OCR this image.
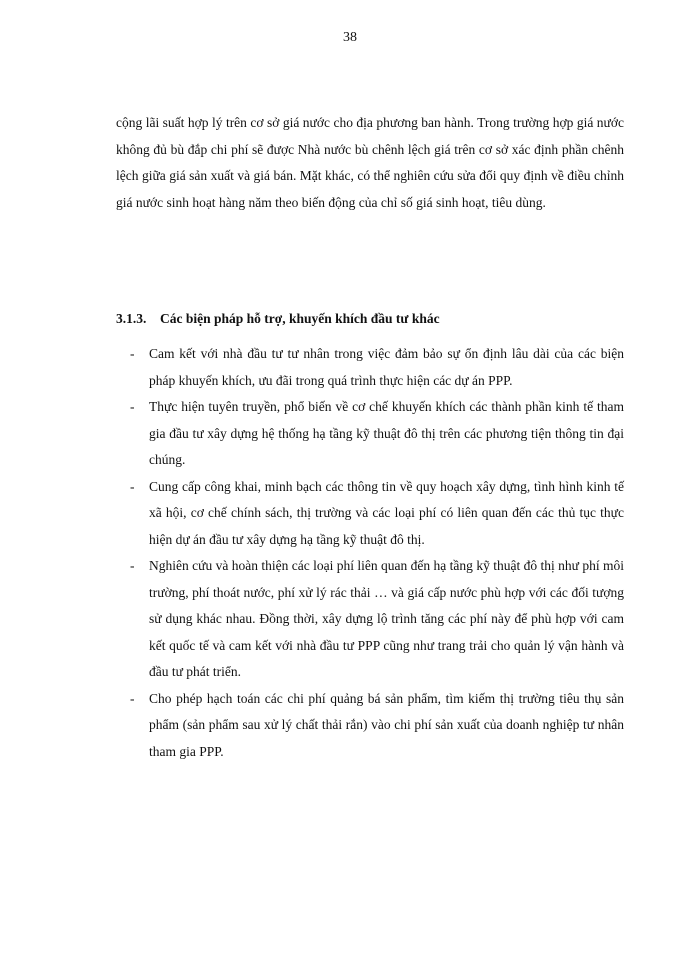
38

cộng lãi suất hợp lý trên cơ sở giá nước cho địa phương ban hành. Trong trường hợp giá nước không đủ bù đắp chi phí sẽ được Nhà nước bù chênh lệch giá trên cơ sở xác định phần chênh lệch giữa giá sản xuất và giá bán. Mặt khác, có thể nghiên cứu sửa đổi quy định về điều chỉnh giá nước sinh hoạt hàng năm theo biến động của chỉ số giá sinh hoạt, tiêu dùng.

3.1.3. Các biện pháp hỗ trợ, khuyến khích đầu tư khác
- Cam kết với nhà đầu tư tư nhân trong việc đảm bảo sự ổn định lâu dài của các biện pháp khuyến khích, ưu đãi trong quá trình thực hiện các dự án PPP.
- Thực hiện tuyên truyền, phổ biến về cơ chế khuyến khích các thành phần kinh tế tham gia đầu tư xây dựng hệ thống hạ tầng kỹ thuật đô thị trên các phương tiện thông tin đại chúng.
- Cung cấp công khai, minh bạch các thông tin về quy hoạch xây dựng, tình hình kinh tế xã hội, cơ chế chính sách, thị trường và các loại phí có liên quan đến các thủ tục thực hiện dự án đầu tư xây dựng hạ tầng kỹ thuật đô thị.
- Nghiên cứu và hoàn thiện các loại phí liên quan đến hạ tầng kỹ thuật đô thị như phí môi trường, phí thoát nước, phí xử lý rác thải … và giá cấp nước phù hợp với các đối tượng sử dụng khác nhau. Đồng thời, xây dựng lộ trình tăng các phí này để phù hợp với cam kết quốc tế và cam kết với nhà đầu tư PPP cũng như trang trải cho quản lý vận hành và đầu tư phát triển.
- Cho phép hạch toán các chi phí quảng bá sản phẩm, tìm kiếm thị trường tiêu thụ sản phẩm (sản phẩm sau xử lý chất thải rắn) vào chi phí sản xuất của doanh nghiệp tư nhân tham gia PPP.
